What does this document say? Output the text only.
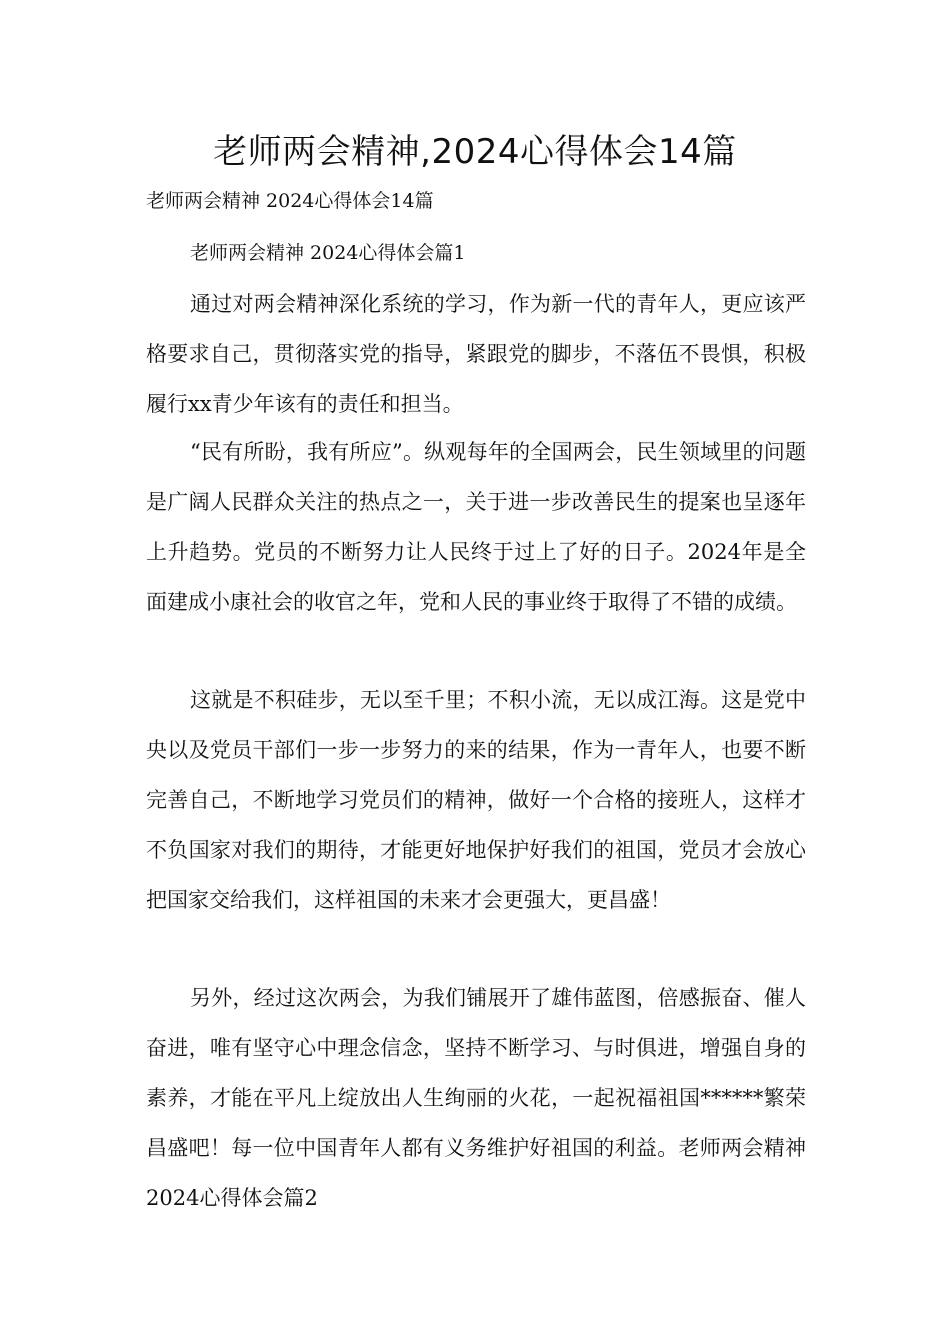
老师两会精神,2024心得体会14篇

老师两会精神 2024心得体会14篇

老师两会精神 2024心得体会篇1

通过对两会精神深化系统的学习，作为新一代的青年人，更应该严格要求自己，贯彻落实党的指导，紧跟党的脚步，不落伍不畏惧，积极履行xx青少年该有的责任和担当。

“民有所盼，我有所应”。纵观每年的全国两会，民生领域里的问题是广阔人民群众关注的热点之一，关于进一步改善民生的提案也呈逐年上升趋势。党员的不断努力让人民终于过上了好的日子。2024年是全面建成小康社会的收官之年，党和人民的事业终于取得了不错的成绩。

这就是不积硅步，无以至千里；不积小流，无以成江海。这是党中央以及党员干部们一步一步努力的来的结果，作为一青年人，也要不断完善自己，不断地学习党员们的精神，做好一个合格的接班人，这样才不负国家对我们的期待，才能更好地保护好我们的祖国，党员才会放心把国家交给我们，这样祖国的未来才会更强大，更昌盛！

另外，经过这次两会，为我们铺展开了雄伟蓝图，倍感振奋、催人奋进，唯有坚守心中理念信念，坚持不断学习、与时俱进，增强自身的素养，才能在平凡上绽放出人生绚丽的火花，一起祝福祖国******繁荣昌盛吧！每一位中国青年人都有义务维护好祖国的利益。老师两会精神 2024心得体会篇2
